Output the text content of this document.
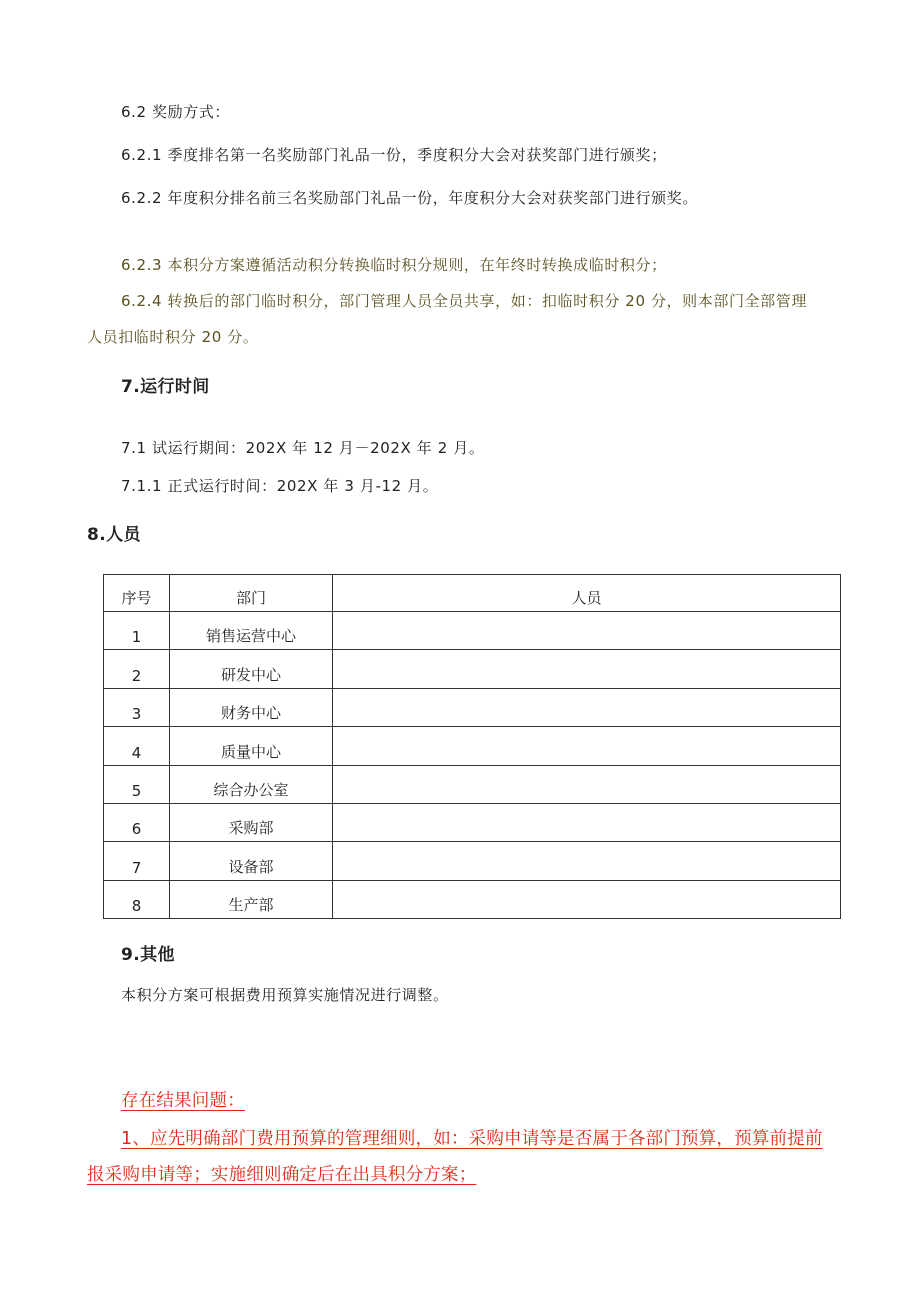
6.2 奖励方式：
6.2.1 季度排名第一名奖励部门礼品一份，季度积分大会对获奖部门进行颁奖；
6.2.2 年度积分排名前三名奖励部门礼品一份，年度积分大会对获奖部门进行颁奖。
6.2.3 本积分方案遵循活动积分转换临时积分规则，在年终时转换成临时积分；
6.2.4 转换后的部门临时积分，部门管理人员全员共享，如：扣临时积分 20 分，则本部门全部管理
人员扣临时积分 20 分。
7.运行时间
7.1 试运行期间：202X 年 12 月－202X 年 2 月。
7.1.1 正式运行时间：202X 年 3 月-12 月。
8.人员
序号	部门	人员
1	销售运营中心	
2	研发中心	
3	财务中心	
4	质量中心	
5	综合办公室	
6	采购部	
7	设备部	
8	生产部	
9.其他
本积分方案可根据费用预算实施情况进行调整。
存在结果问题：
1、应先明确部门费用预算的管理细则，如：采购申请等是否属于各部门预算，预算前提前
报采购申请等；实施细则确定后在出具积分方案；
